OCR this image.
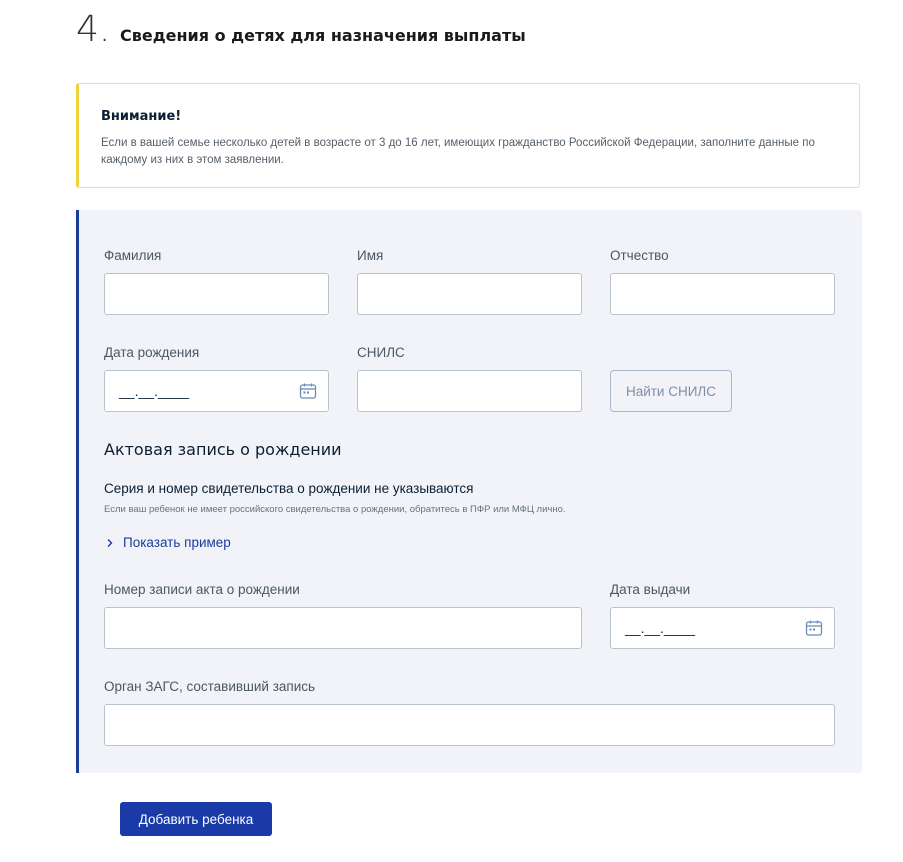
4. Сведения о детях для назначения выплаты
Внимание!
Если в вашей семье несколько детей в возрасте от 3 до 16 лет, имеющих гражданство Российской Федерации, заполните данные по каждому из них в этом заявлении.
Фамилия	Имя	Отчество
Дата рождения
__.__.____
СНИЛС
Найти СНИЛС
Актовая запись о рождении
Серия и номер свидетельства о рождении не указываются
Если ваш ребенок не имеет российского свидетельства о рождении, обратитесь в ПФР или МФЦ лично.
Показать пример
Номер записи акта о рождении	Дата выдачи
__.__.____
Орган ЗАГС, составивший запись
Добавить ребенка
